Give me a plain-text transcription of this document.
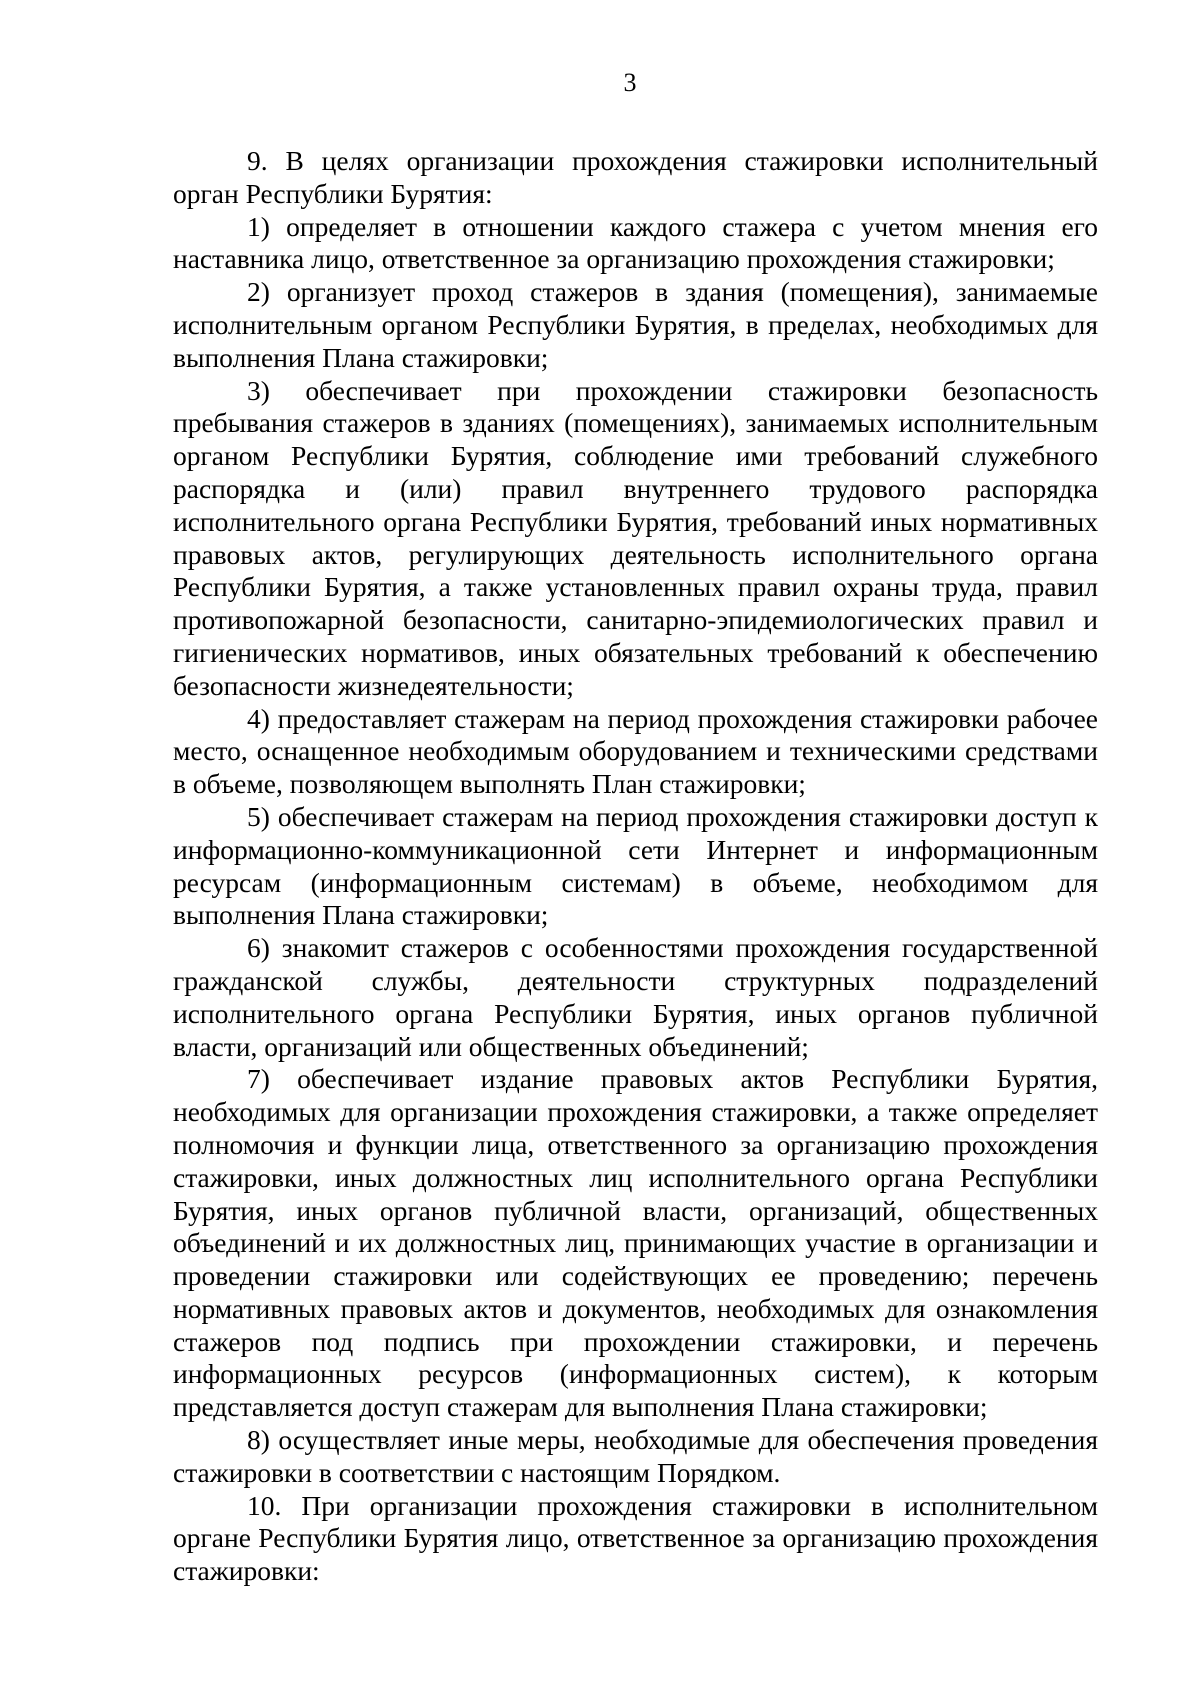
3

9. В целях организации прохождения стажировки исполнительный орган Республики Бурятия:

1) определяет в отношении каждого стажера с учетом мнения его наставника лицо, ответственное за организацию прохождения стажировки;

2) организует проход стажеров в здания (помещения), занимаемые исполнительным органом Республики Бурятия, в пределах, необходимых для выполнения Плана стажировки;

3) обеспечивает при прохождении стажировки безопасность пребывания стажеров в зданиях (помещениях), занимаемых исполнительным органом Республики Бурятия, соблюдение ими требований служебного распорядка и (или) правил внутреннего трудового распорядка исполнительного органа Республики Бурятия, требований иных нормативных правовых актов, регулирующих деятельность исполнительного органа Республики Бурятия, а также установленных правил охраны труда, правил противопожарной безопасности, санитарно-эпидемиологических правил и гигиенических нормативов, иных обязательных требований к обеспечению безопасности жизнедеятельности;

4) предоставляет стажерам на период прохождения стажировки рабочее место, оснащенное необходимым оборудованием и техническими средствами в объеме, позволяющем выполнять План стажировки;

5) обеспечивает стажерам на период прохождения стажировки доступ к информационно-коммуникационной сети Интернет и информационным ресурсам (информационным системам) в объеме, необходимом для выполнения Плана стажировки;

6) знакомит стажеров с особенностями прохождения государственной гражданской службы, деятельности структурных подразделений исполнительного органа Республики Бурятия, иных органов публичной власти, организаций или общественных объединений;

7) обеспечивает издание правовых актов Республики Бурятия, необходимых для организации прохождения стажировки, а также определяет полномочия и функции лица, ответственного за организацию прохождения стажировки, иных должностных лиц исполнительного органа Республики Бурятия, иных органов публичной власти, организаций, общественных объединений и их должностных лиц, принимающих участие в организации и проведении стажировки или содействующих ее проведению; перечень нормативных правовых актов и документов, необходимых для ознакомления стажеров под подпись при прохождении стажировки, и перечень информационных ресурсов (информационных систем), к которым представляется доступ стажерам для выполнения Плана стажировки;

8) осуществляет иные меры, необходимые для обеспечения проведения стажировки в соответствии с настоящим Порядком.

10. При организации прохождения стажировки в исполнительном органе Республики Бурятия лицо, ответственное за организацию прохождения стажировки:
